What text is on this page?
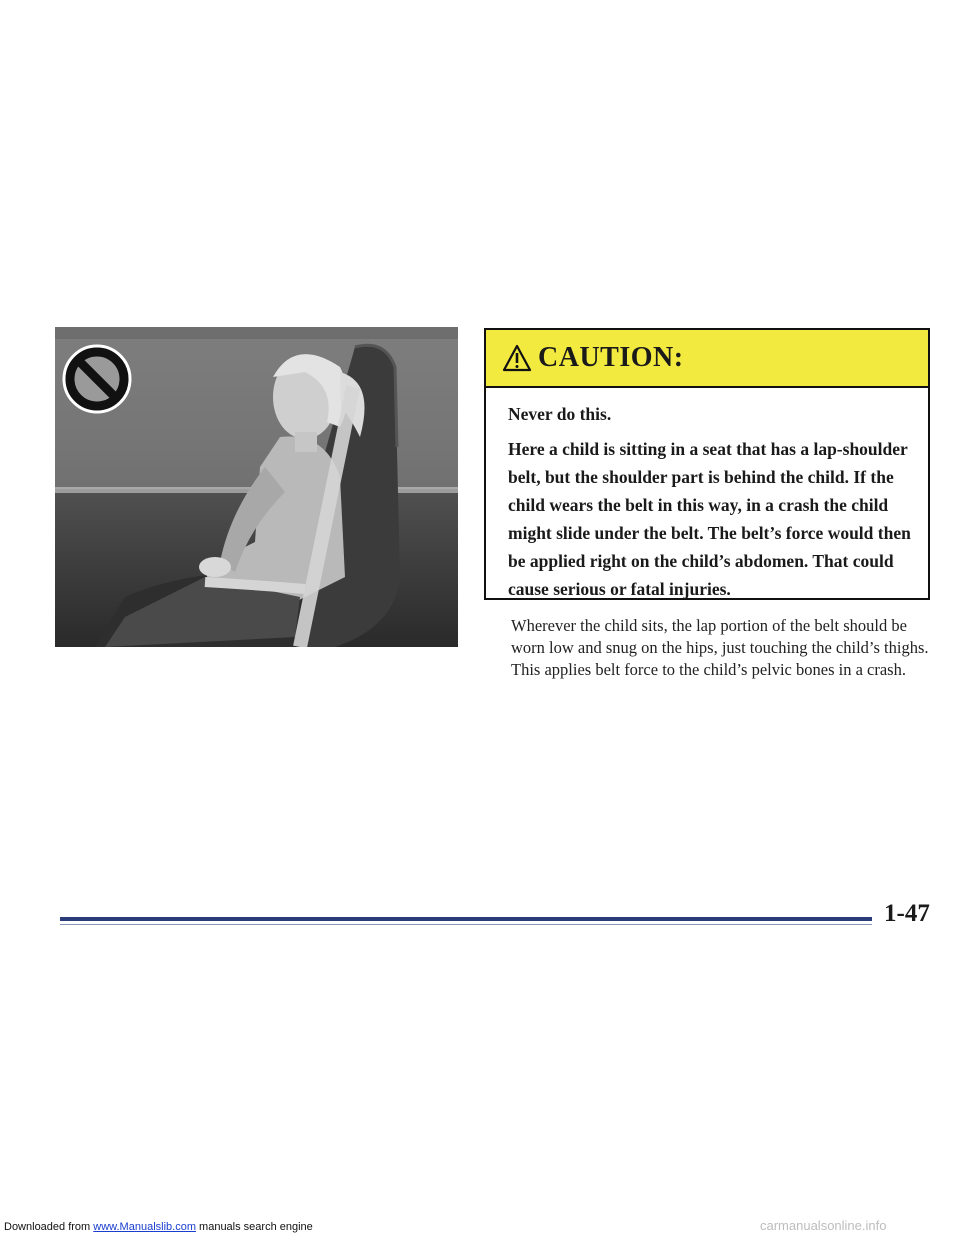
CAUTION:

Never do this.

Here a child is sitting in a seat that has a lap-shoulder belt, but the shoulder part is behind the child. If the child wears the belt in this way, in a crash the child might slide under the belt. The belt’s force would then be applied right on the child’s abdomen. That could cause serious or fatal injuries.

Wherever the child sits, the lap portion of the belt should be worn low and snug on the hips, just touching the child’s thighs. This applies belt force to the child’s pelvic bones in a crash.

1-47
Downloaded from www.Manualslib.com manuals search engine	carmanualsonline.info
